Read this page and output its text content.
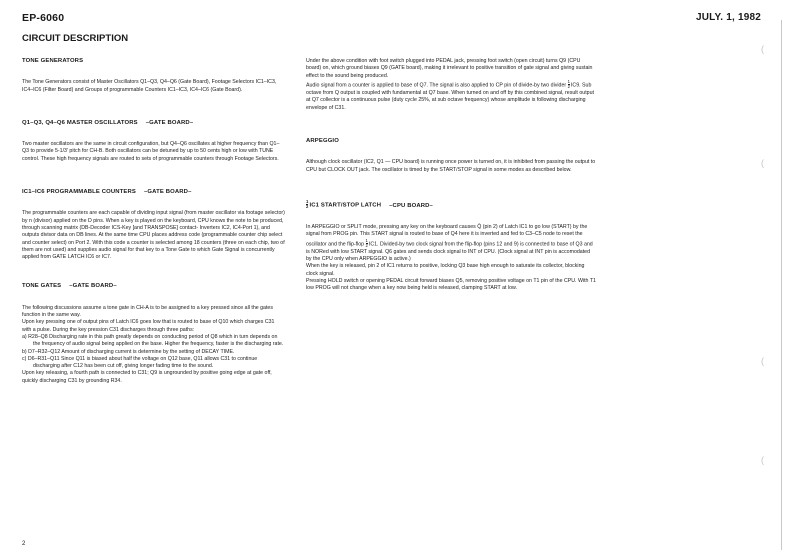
EP-6060	JULY. 1, 1982
CIRCUIT DESCRIPTION
TONE GENERATORS

The Tone Generators consist of Master Oscillators Q1–Q3, Q4–Q6 (Gate Board), Footage Selectors IC1–IC3, IC4–IC6 (Filter Board) and Groups of programmable Counters IC1–IC3, IC4–IC6 (Gate Board).

Q1–Q3, Q4–Q6 MASTER OSCILLATORS –GATE BOARD–

Two master oscillators are the same in circuit configuration, but Q4–Q6 oscillates at higher frequency than Q1–Q3 to provide 5-1/3' pitch for CH-B. Both oscillators can be detuned by up to 50 cents high or low with TUNE control. These high frequency signals are routed to sets of programmable counters through Footage Selectors.

IC1–IC6 PROGRAMMABLE COUNTERS –GATE BOARD–

The programmable counters are each capable of dividing input signal (from master oscillator via footage selector) by n (divisor) applied on the D pins. When a key is played on the keyboard, CPU knows the note to be produced, through scanning matrix (DB-Decoder ICS-Key [and TRANSPOSE] contact- Inverters IC2, IC4-Port 1), and outputs divisor data on DB lines. At the same time CPU places address code (programmable counter chip select and counter select) on Port 2. With this code a counter is selected among 18 counters (three on each chip, two of them are not used) and supplies audio signal for that key to a Tone Gate to which Gate Signal is concurrently applied from GATE LATCH IC6 or IC7.

TONE GATES –GATE BOARD–

The following discussions assume a tone gate in CH-A is to be assigned to a key pressed since all the gates function in the same way.

Upon key pressing one of output pins of Latch IC6 goes low that is routed to base of Q10 which charges C31 with a pulse. During the key pression C31 discharges through three paths:

a) R28–Q8 Discharging rate in this path greatly depends on conducting period of Q8 which in turn depends on the frequency of audio signal being applied on the base. Higher the frequency, faster is the discharging rate.
b) D7–R32–Q12 Amount of discharging current is determine by the setting of DECAY TIME.
c) D6–R31–Q11 Since Q11 is biased about half the voltage on Q12 base, Q11 allows C31 to continue discharging after C12 has been cut off, giving longer fading time to the sound.

Upon key releasing, a fourth path is connected to C31; Q9 is ungrounded by positive going edge at gate off, quickly discharging C31 by grounding R34.

Under the above condition with foot switch plugged into PEDAL jack, pressing foot switch (open circuit) turns Q9 (CPU board) on, which ground biases Q9 (GATE board), making it irrelevant to positive transition of gate signal and giving sustain effect to the sound being produced.

Audio signal from a counter is applied to base of Q7. The signal is also applied to CP pin of divide-by two divider $\frac{1}{2} IC9$. Sub octave from Q output is coupled with fundamental at Q7 base. When turned on and off by this combined signal, result output at Q7 collector is a continuous pulse (duty cycle 25%, at sub octave frequency) whose amplitude is following discharging envelope of C31.

ARPEGGIO

Although clock oscillator (IC2, Q1 — CPU board) is running once power is turned on, it is inhibited from passing the output to CPU but CLOCK OUT jack. The oscillator is timed by the START/STOP signal in some modes as described below.

$\frac{1}{2} IC1$ START/STOP LATCH –CPU BOARD–

In ARPEGGIO or SPLIT mode, pressing any key on the keyboard causes Q̄ (pin 2) of Latch IC1 to go low (START) by the signal from PROG pin. This START signal is routed to base of Q4 here it is inverted and fed to C3–C5 node to reset the oscillator and the flip-flop $\frac{1}{2} IC1$. Divided-by two clock signal from the flip-flop (pins 12 and 9) is connected to base of Q3 and is NORed with low START signal. Q6 gates and sends clock signal to INT of CPU. (Clock signal at INT pin is accomodated by the CPU only when ARPEGGIO is active.)

When the key is released, pin 2 of IC1 returns to positive, locking Q3 base high enough to saturate its collector, blocking clock signal.

Pressing HOLD switch or opening PEDAL circuit forward biases Q5, removing positive voltage on T1 pin of the CPU. With T1 low PROG will not change when a key now being held is released, clamping START at low.

2
(
(
(
(
